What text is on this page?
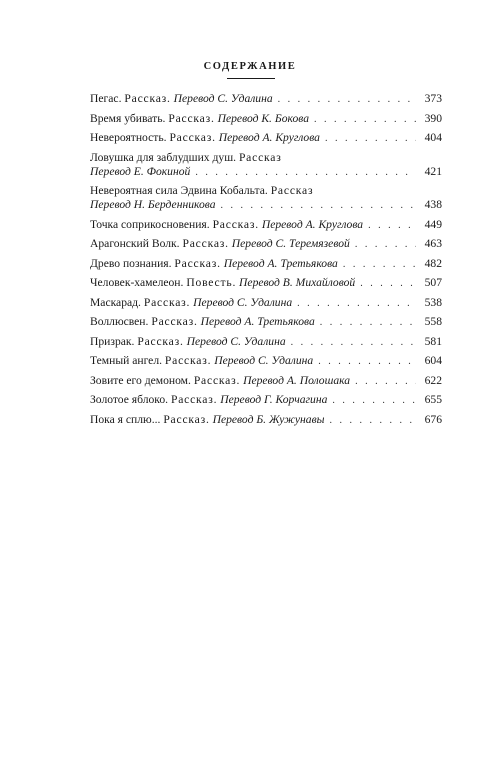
СОДЕРЖАНИЕ
Пегас. Рассказ. Перевод С. Удалина . . .	373
Время убивать. Рассказ. Перевод К. Бокова . . .	390
Невероятность. Рассказ. Перевод А. Круглова . . .	404
Ловушка для заблудших душ. Рассказ
Перевод Е. Фокиной . . .	421
Невероятная сила Эдвина Кобальта. Рассказ
Перевод Н. Берденникова . . .	438
Точка соприкосновения. Рассказ. Перевод А. Круглова . . .	449
Арагонский Волк. Рассказ. Перевод С. Теремязевой . . .	463
Древо познания. Рассказ. Перевод А. Третьякова . . .	482
Человек-хамелеон. Повесть. Перевод В. Михайловой . . .	507
Маскарад. Рассказ. Перевод С. Удалина . . .	538
Воллюсвен. Рассказ. Перевод А. Третьякова . . .	558
Призрак. Рассказ. Перевод С. Удалина . . .	581
Темный ангел. Рассказ. Перевод С. Удалина . . .	604
Зовите его демоном. Рассказ. Перевод А. Полошака . . .	622
Золотое яблоко. Рассказ. Перевод Г. Корчагина . . .	655
Пока я сплю... Рассказ. Перевод Б. Жужунавы . . .	676
